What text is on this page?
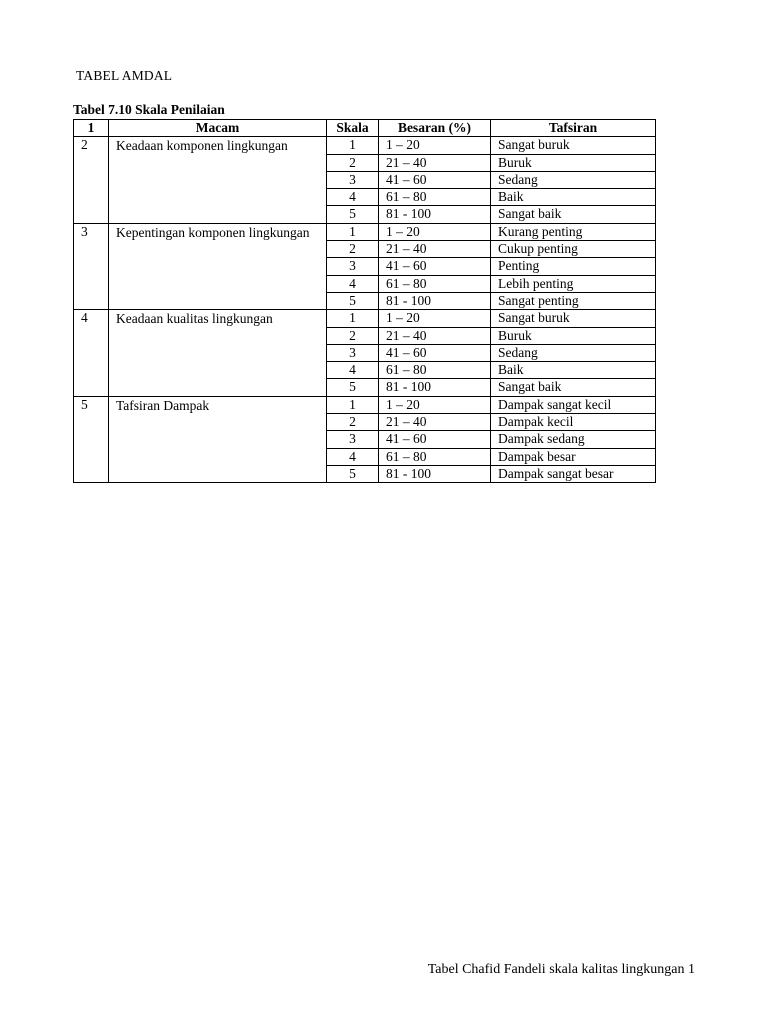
TABEL AMDAL
Tabel 7.10 Skala Penilaian
1	Macam	Skala	Besaran (%)	Tafsiran
2	Keadaan komponen lingkungan	1	1 – 20	Sangat buruk
		2	21 – 40	Buruk
		3	41 – 60	Sedang
		4	61 – 80	Baik
		5	81 - 100	Sangat baik
3	Kepentingan komponen lingkungan	1	1 – 20	Kurang penting
		2	21 – 40	Cukup penting
		3	41 – 60	Penting
		4	61 – 80	Lebih penting
		5	81 - 100	Sangat penting
4	Keadaan kualitas lingkungan	1	1 – 20	Sangat buruk
		2	21 – 40	Buruk
		3	41 – 60	Sedang
		4	61 – 80	Baik
		5	81 - 100	Sangat baik
5	Tafsiran Dampak	1	1 – 20	Dampak sangat kecil
		2	21 – 40	Dampak kecil
		3	41 – 60	Dampak sedang
		4	61 – 80	Dampak besar
		5	81 - 100	Dampak sangat besar
Tabel Chafid Fandeli skala kalitas lingkungan 1
